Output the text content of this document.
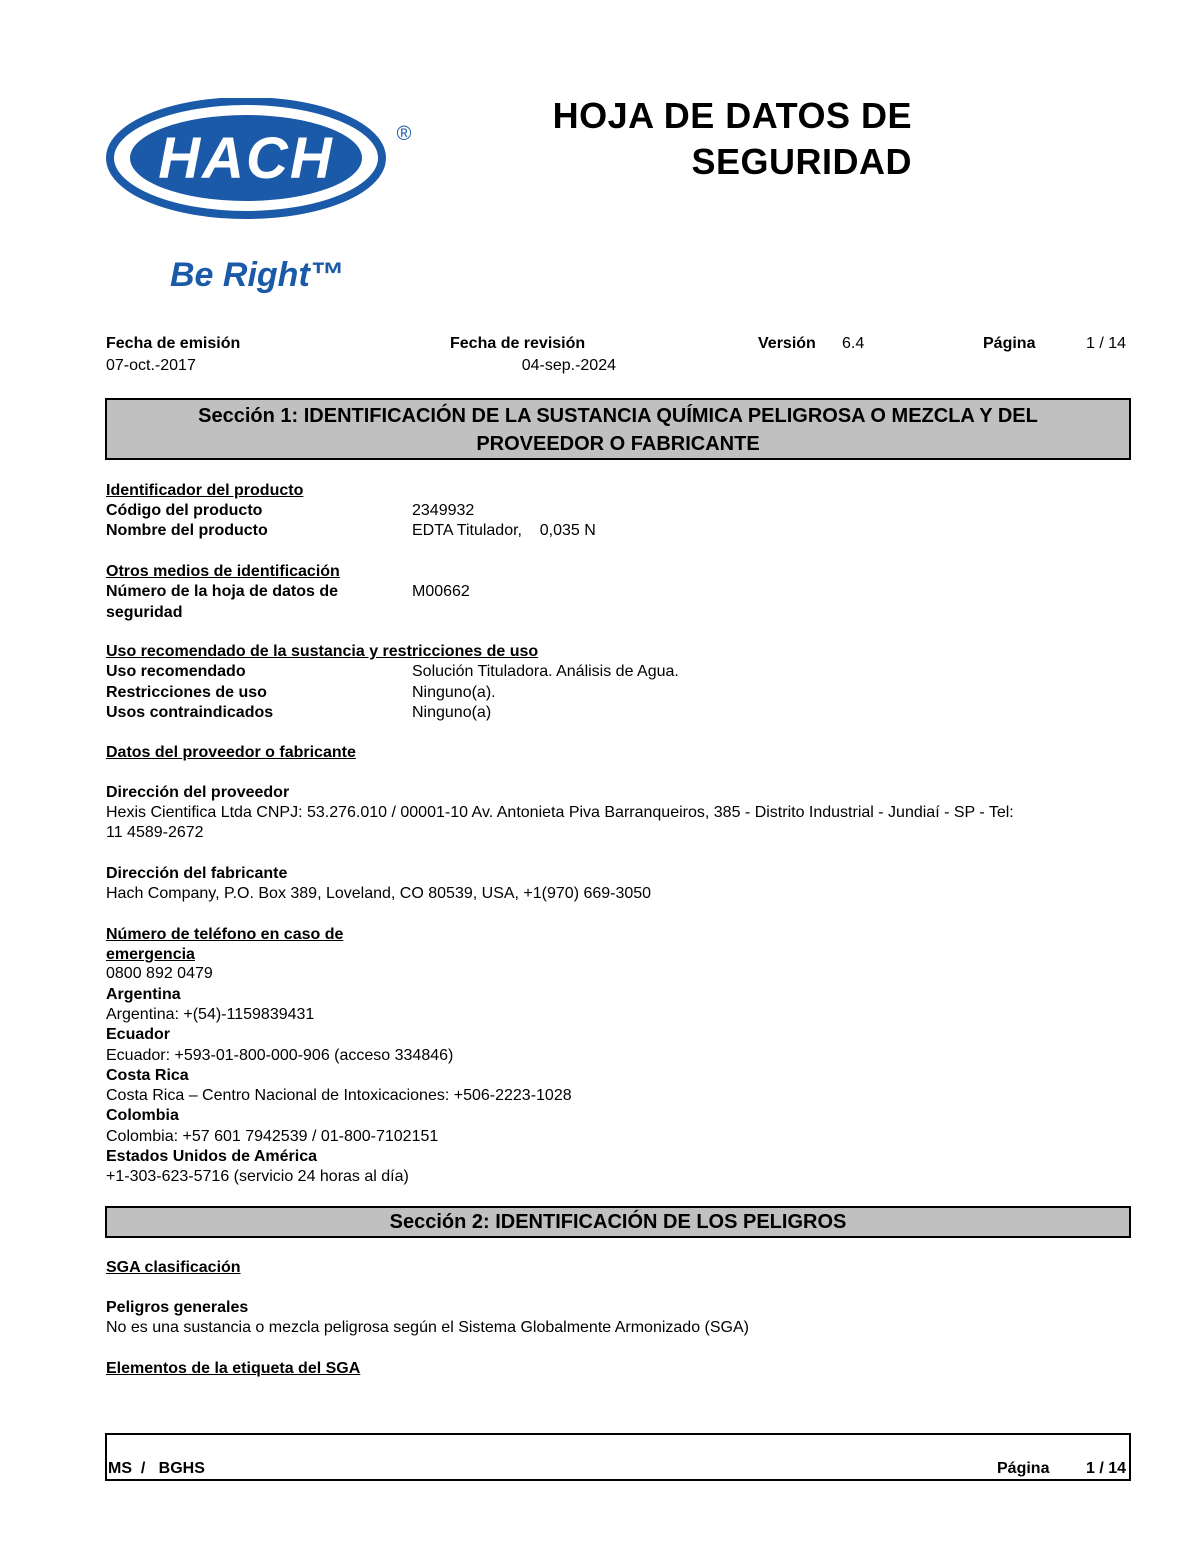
HACH	®
Be Right™
HOJA DE DATOS DE
SEGURIDAD
Fecha de emisión
07-oct.-2017
Fecha de revisión
04-sep.-2024
Versión 6.4	Página	1 / 14
Sección 1: IDENTIFICACIÓN DE LA SUSTANCIA QUÍMICA PELIGROSA O MEZCLA Y DEL
PROVEEDOR O FABRICANTE
Identificador del producto
Código del producto	2349932
Nombre del producto	EDTA Titulador,    0,035 N
Otros medios de identificación
Número de la hoja de datos de
seguridad
M00662
Uso recomendado de la sustancia y restricciones de uso
Uso recomendado	Solución Tituladora. Análisis de Agua.
Restricciones de uso	Ninguno(a).
Usos contraindicados	Ninguno(a)
Datos del proveedor o fabricante
Dirección del proveedor
Hexis Cientifica Ltda CNPJ: 53.276.010 / 00001-10 Av. Antonieta Piva Barranqueiros, 385 - Distrito Industrial - Jundiaí - SP - Tel:
11 4589-2672
Dirección del fabricante
Hach Company, P.O. Box 389, Loveland, CO 80539, USA, +1(970) 669-3050
Número de teléfono en caso de
emergencia
0800 892 0479
Argentina
Argentina: +(54)-1159839431
Ecuador
Ecuador: +593-01-800-000-906 (acceso 334846)
Costa Rica
Costa Rica – Centro Nacional de Intoxicaciones: +506-2223-1028
Colombia
Colombia: +57 601 7942539 / 01-800-7102151
Estados Unidos de América
+1-303-623-5716 (servicio 24 horas al día)
Sección 2: IDENTIFICACIÓN DE LOS PELIGROS
SGA clasificación
Peligros generales
No es una sustancia o mezcla peligrosa según el Sistema Globalmente Armonizado (SGA)
Elementos de la etiqueta del SGA
MS  /   BGHS	Página	1 / 14
